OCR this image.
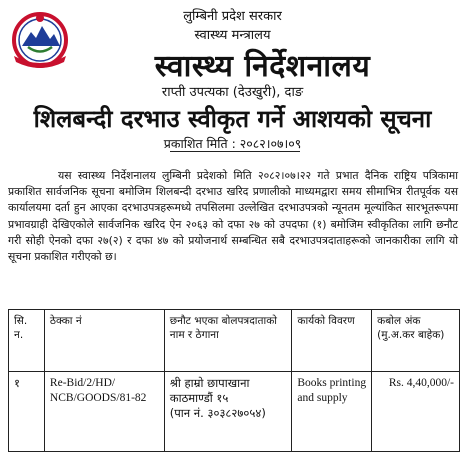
लुम्बिनी प्रदेश सरकार
स्वास्थ्य मन्त्रालय
स्वास्थ्य निर्देशनालय
राप्ती उपत्यका (देउखुरी), दाङ
शिलबन्दी दरभाउ स्वीकृत गर्ने आशयको सूचना
प्रकाशित मिति : २०८२।०७।०९

यस स्वास्थ्य निर्देशनालय लुम्बिनी प्रदेशको मिति २०८२।०७।२२ गते प्रभात दैनिक राष्ट्रिय पत्रिकामा प्रकाशित सार्वजनिक सूचना बमोजिम शिलबन्दी दरभाउ खरिद प्रणालीको माध्यमद्वारा समय सीमाभित्र रीतपूर्वक यस कार्यालयमा दर्ता हुन आएका दरभाउपत्रहरूमध्ये तपसिलमा उल्लेखित दरभाउपत्रको न्यूनतम मूल्यांकित सारभूतरूपमा प्रभावग्राही देखिएकोले सार्वजनिक खरिद ऐन २०६३ को दफा २७ को उपदफा (१) बमोजिम स्वीकृतिका लागि छनौट गरी सोही ऐनको दफा २७(२) र दफा ४७ को प्रयोजनार्थ सम्बन्धित सबै दरभाउपत्रदाताहरूको जानकारीका लागि यो सूचना प्रकाशित गरीएको छ।

सि. न.	ठेक्का नं	छनौट भएका बोलपत्रदाताको नाम र ठेगाना	कार्यको विवरण	कबोल अंक (मु.अ.कर बाहेक)
१	Re-Bid/2/HD/ NCB/GOODS/81-82	श्री हाम्रो छापाखाना
काठमाण्डौं १५
(पान नं. ३०३८२७०५४)	Books printing and supply	Rs. 4,40,000/-
